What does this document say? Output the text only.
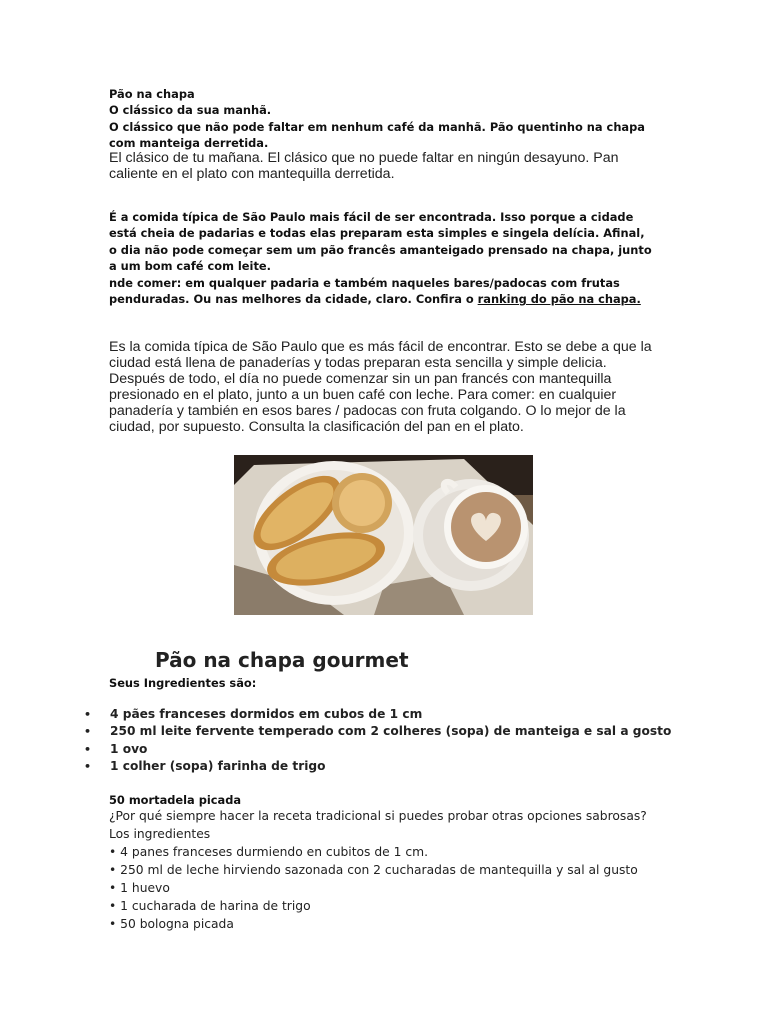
Pão na chapa

O clássico da sua manhã.

O clássico que não pode faltar em nenhum café da manhã. Pão quentinho na chapa com manteiga derretida.

El clásico de tu mañana. El clásico que no puede faltar en ningún desayuno. Pan caliente en el plato con mantequilla derretida.

É a comida típica de São Paulo mais fácil de ser encontrada. Isso porque a cidade está cheia de padarias e todas elas preparam esta simples e singela delícia. Afinal, o dia não pode começar sem um pão francês amanteigado prensado na chapa, junto a um bom café com leite.

nde comer: em qualquer padaria e também naqueles bares/padocas com frutas penduradas. Ou nas melhores da cidade, claro. Confira o ranking do pão na chapa.

Es la comida típica de São Paulo que es más fácil de encontrar. Esto se debe a que la ciudad está llena de panaderías y todas preparan esta sencilla y simple delicia. Después de todo, el día no puede comenzar sin un pan francés con mantequilla presionado en el plato, junto a un buen café con leche. Para comer: en cualquier panadería y también en esos bares / padocas con fruta colgando. O lo mejor de la ciudad, por supuesto. Consulta la clasificación del pan en el plato.

Pão na chapa gourmet

Seus Ingredientes são:

• 4 pães franceses dormidos em cubos de 1 cm
• 250 ml leite fervente temperado com 2 colheres (sopa) de manteiga e sal a gosto
• 1 ovo
• 1 colher (sopa) farinha de trigo

50 mortadela picada

¿Por qué siempre hacer la receta tradicional si puedes probar otras opciones sabrosas?

Los ingredientes

• 4 panes franceses durmiendo en cubitos de 1 cm.

• 250 ml de leche hirviendo sazonada con 2 cucharadas de mantequilla y sal al gusto

• 1 huevo

• 1 cucharada de harina de trigo

• 50 bologna picada
